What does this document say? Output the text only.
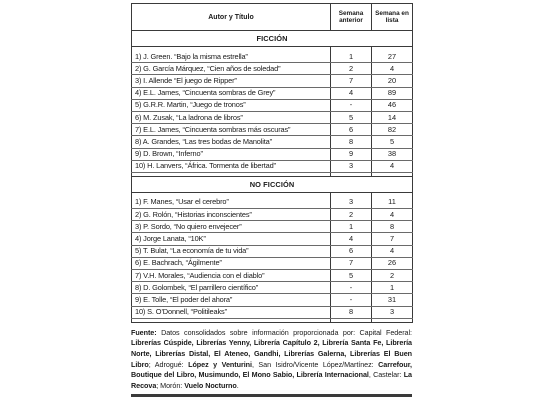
Autor y Título	Semana anterior	Semana en lista
FICCIÓN		

1) J. Green. “Bajo la misma estrella”	1	27
2) G. García Márquez, “Cien años de soledad”	2	4
3) I. Allende “El juego de Ripper”	7	20
4) E.L. James, “Cincuenta sombras de Grey”	4	89
5) G.R.R. Martin, “Juego de tronos”	-	46
6) M. Zusak, “La ladrona de libros”	5	14
7) E.L. James, “Cincuenta sombras más oscuras”	6	82
8) A. Grandes, “Las tres bodas de Manolita”	8	5
9) D. Brown, “Inferno”	9	38
10) H. Lanvers, “África. Tormenta de libertad”	3	4

NO FICCIÓN		

1) F. Manes, “Usar el cerebro”	3	11
2) G. Rolón, “Historias inconscientes”	2	4
3) P. Sordo, “No quiero envejecer”	1	8
4) Jorge Lanata, “10K”	4	7
5) T. Bulat, “La economía de tu vida”	6	4
6) E. Bachrach, “Ágilmente”	7	26
7) V.H. Morales, “Audiencia con el diablo”	5	2
8) D. Golombek, “El parrillero científico”	-	1
9) E. Tolle, “El poder del ahora”	-	31
10) S. O’Donnell, “Politileaks”	8	3

Fuente: Datos consolidados sobre información proporcionada por: Capital Federal: Librerías Cúspide, Librerías Yenny, Librería Capítulo 2, Librería Santa Fe, Librería Norte, Librerías Distal, El Ateneo, Gandhi, Librerías Galerna, Librerías El Buen Libro; Adrogué: López y Venturini, San Isidro/Vicente López/Martínez: Carrefour, Boutique del Libro, Musimundo, El Mono Sabio, Librería Internacional, Castelar: La Recova; Morón: Vuelo Nocturno.
